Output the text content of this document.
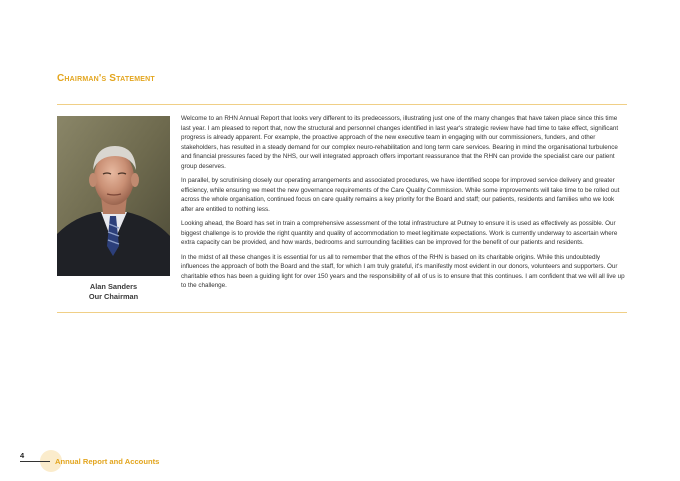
Chairman's Statement
Alan Sanders
Our Chairman

Welcome to an RHN Annual Report that looks very different to its predecessors, illustrating just one of the many changes that have taken place since this time last year. I am pleased to report that, now the structural and personnel changes identified in last year's strategic review have had time to take effect, significant progress is already apparent. For example, the proactive approach of the new executive team in engaging with our commissioners, funders, and other stakeholders, has resulted in a steady demand for our complex neuro-rehabilitation and long term care services. Bearing in mind the organisational turbulence and financial pressures faced by the NHS, our well integrated approach offers important reassurance that the RHN can provide the specialist care our patient group deserves.

In parallel, by scrutinising closely our operating arrangements and associated procedures, we have identified scope for improved service delivery and greater efficiency, while ensuring we meet the new governance requirements of the Care Quality Commission. While some improvements will take time to be rolled out across the whole organisation, continued focus on care quality remains a key priority for the Board and staff; our patients, residents and families who we look after are entitled to nothing less.

Looking ahead, the Board has set in train a comprehensive assessment of the total infrastructure at Putney to ensure it is used as effectively as possible. Our biggest challenge is to provide the right quantity and quality of accommodation to meet legitimate expectations. Work is currently underway to ascertain where extra capacity can be provided, and how wards, bedrooms and surrounding facilities can be improved for the benefit of our patients and residents.

In the midst of all these changes it is essential for us all to remember that the ethos of the RHN is based on its charitable origins. While this undoubtedly influences the approach of both the Board and the staff, for which I am truly grateful, it's manifestly most evident in our donors, volunteers and supporters. Our charitable ethos has been a guiding light for over 150 years and the responsibility of all of us is to ensure that this continues. I am confident that we will all live up to the challenge.

4
Annual Report and Accounts
